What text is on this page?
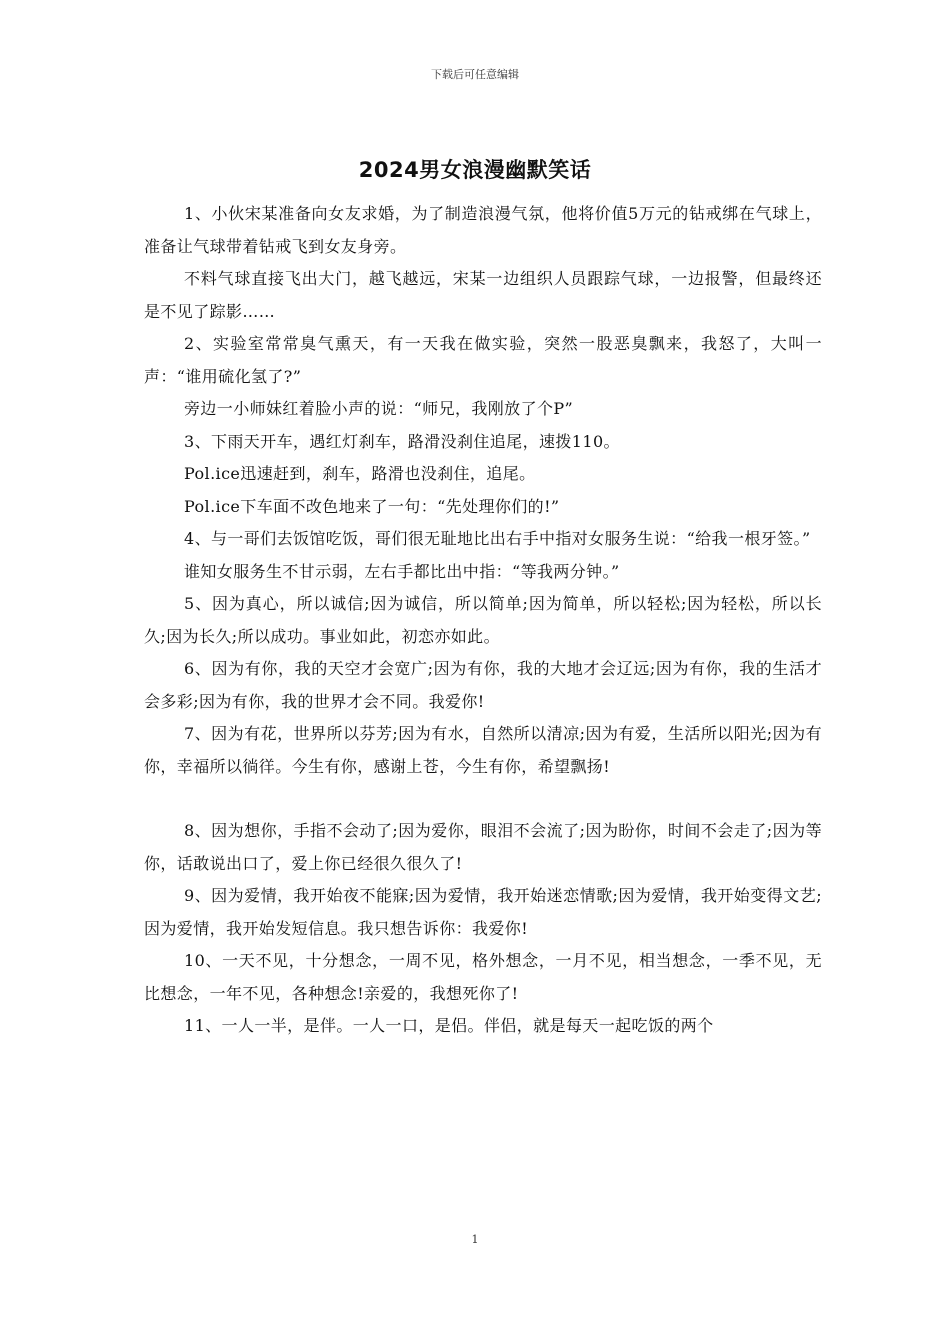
下载后可任意编辑
2024男女浪漫幽默笑话

1、小伙宋某准备向女友求婚，为了制造浪漫气氛，他将价值5万元的钻戒绑在气球上，准备让气球带着钻戒飞到女友身旁。

不料气球直接飞出大门，越飞越远，宋某一边组织人员跟踪气球，一边报警，但最终还是不见了踪影……

2、实验室常常臭气熏天，有一天我在做实验，突然一股恶臭飘来，我怒了，大叫一声：“谁用硫化氢了?”

旁边一小师妹红着脸小声的说：“师兄，我刚放了个P”

3、下雨天开车，遇红灯刹车，路滑没刹住追尾，速拨110。

Pol.ice迅速赶到，刹车，路滑也没刹住，追尾。

Pol.ice下车面不改色地来了一句：“先处理你们的!”

4、与一哥们去饭馆吃饭，哥们很无耻地比出右手中指对女服务生说：“给我一根牙签。”

谁知女服务生不甘示弱，左右手都比出中指：“等我两分钟。”

5、因为真心，所以诚信;因为诚信，所以简单;因为简单，所以轻松;因为轻松，所以长久;因为长久;所以成功。事业如此，初恋亦如此。

6、因为有你，我的天空才会宽广;因为有你，我的大地才会辽远;因为有你，我的生活才会多彩;因为有你，我的世界才会不同。我爱你!

7、因为有花，世界所以芬芳;因为有水，自然所以清凉;因为有爱，生活所以阳光;因为有你，幸福所以徜徉。今生有你，感谢上苍，今生有你，希望飘扬!

8、因为想你，手指不会动了;因为爱你，眼泪不会流了;因为盼你，时间不会走了;因为等你，话敢说出口了，爱上你已经很久很久了!

9、因为爱情，我开始夜不能寐;因为爱情，我开始迷恋情歌;因为爱情，我开始变得文艺;因为爱情，我开始发短信息。我只想告诉你：我爱你!

10、一天不见，十分想念，一周不见，格外想念，一月不见，相当想念，一季不见，无比想念，一年不见，各种想念!亲爱的，我想死你了!

11、一人一半，是伴。一人一口，是侣。伴侣，就是每天一起吃饭的两个

1
